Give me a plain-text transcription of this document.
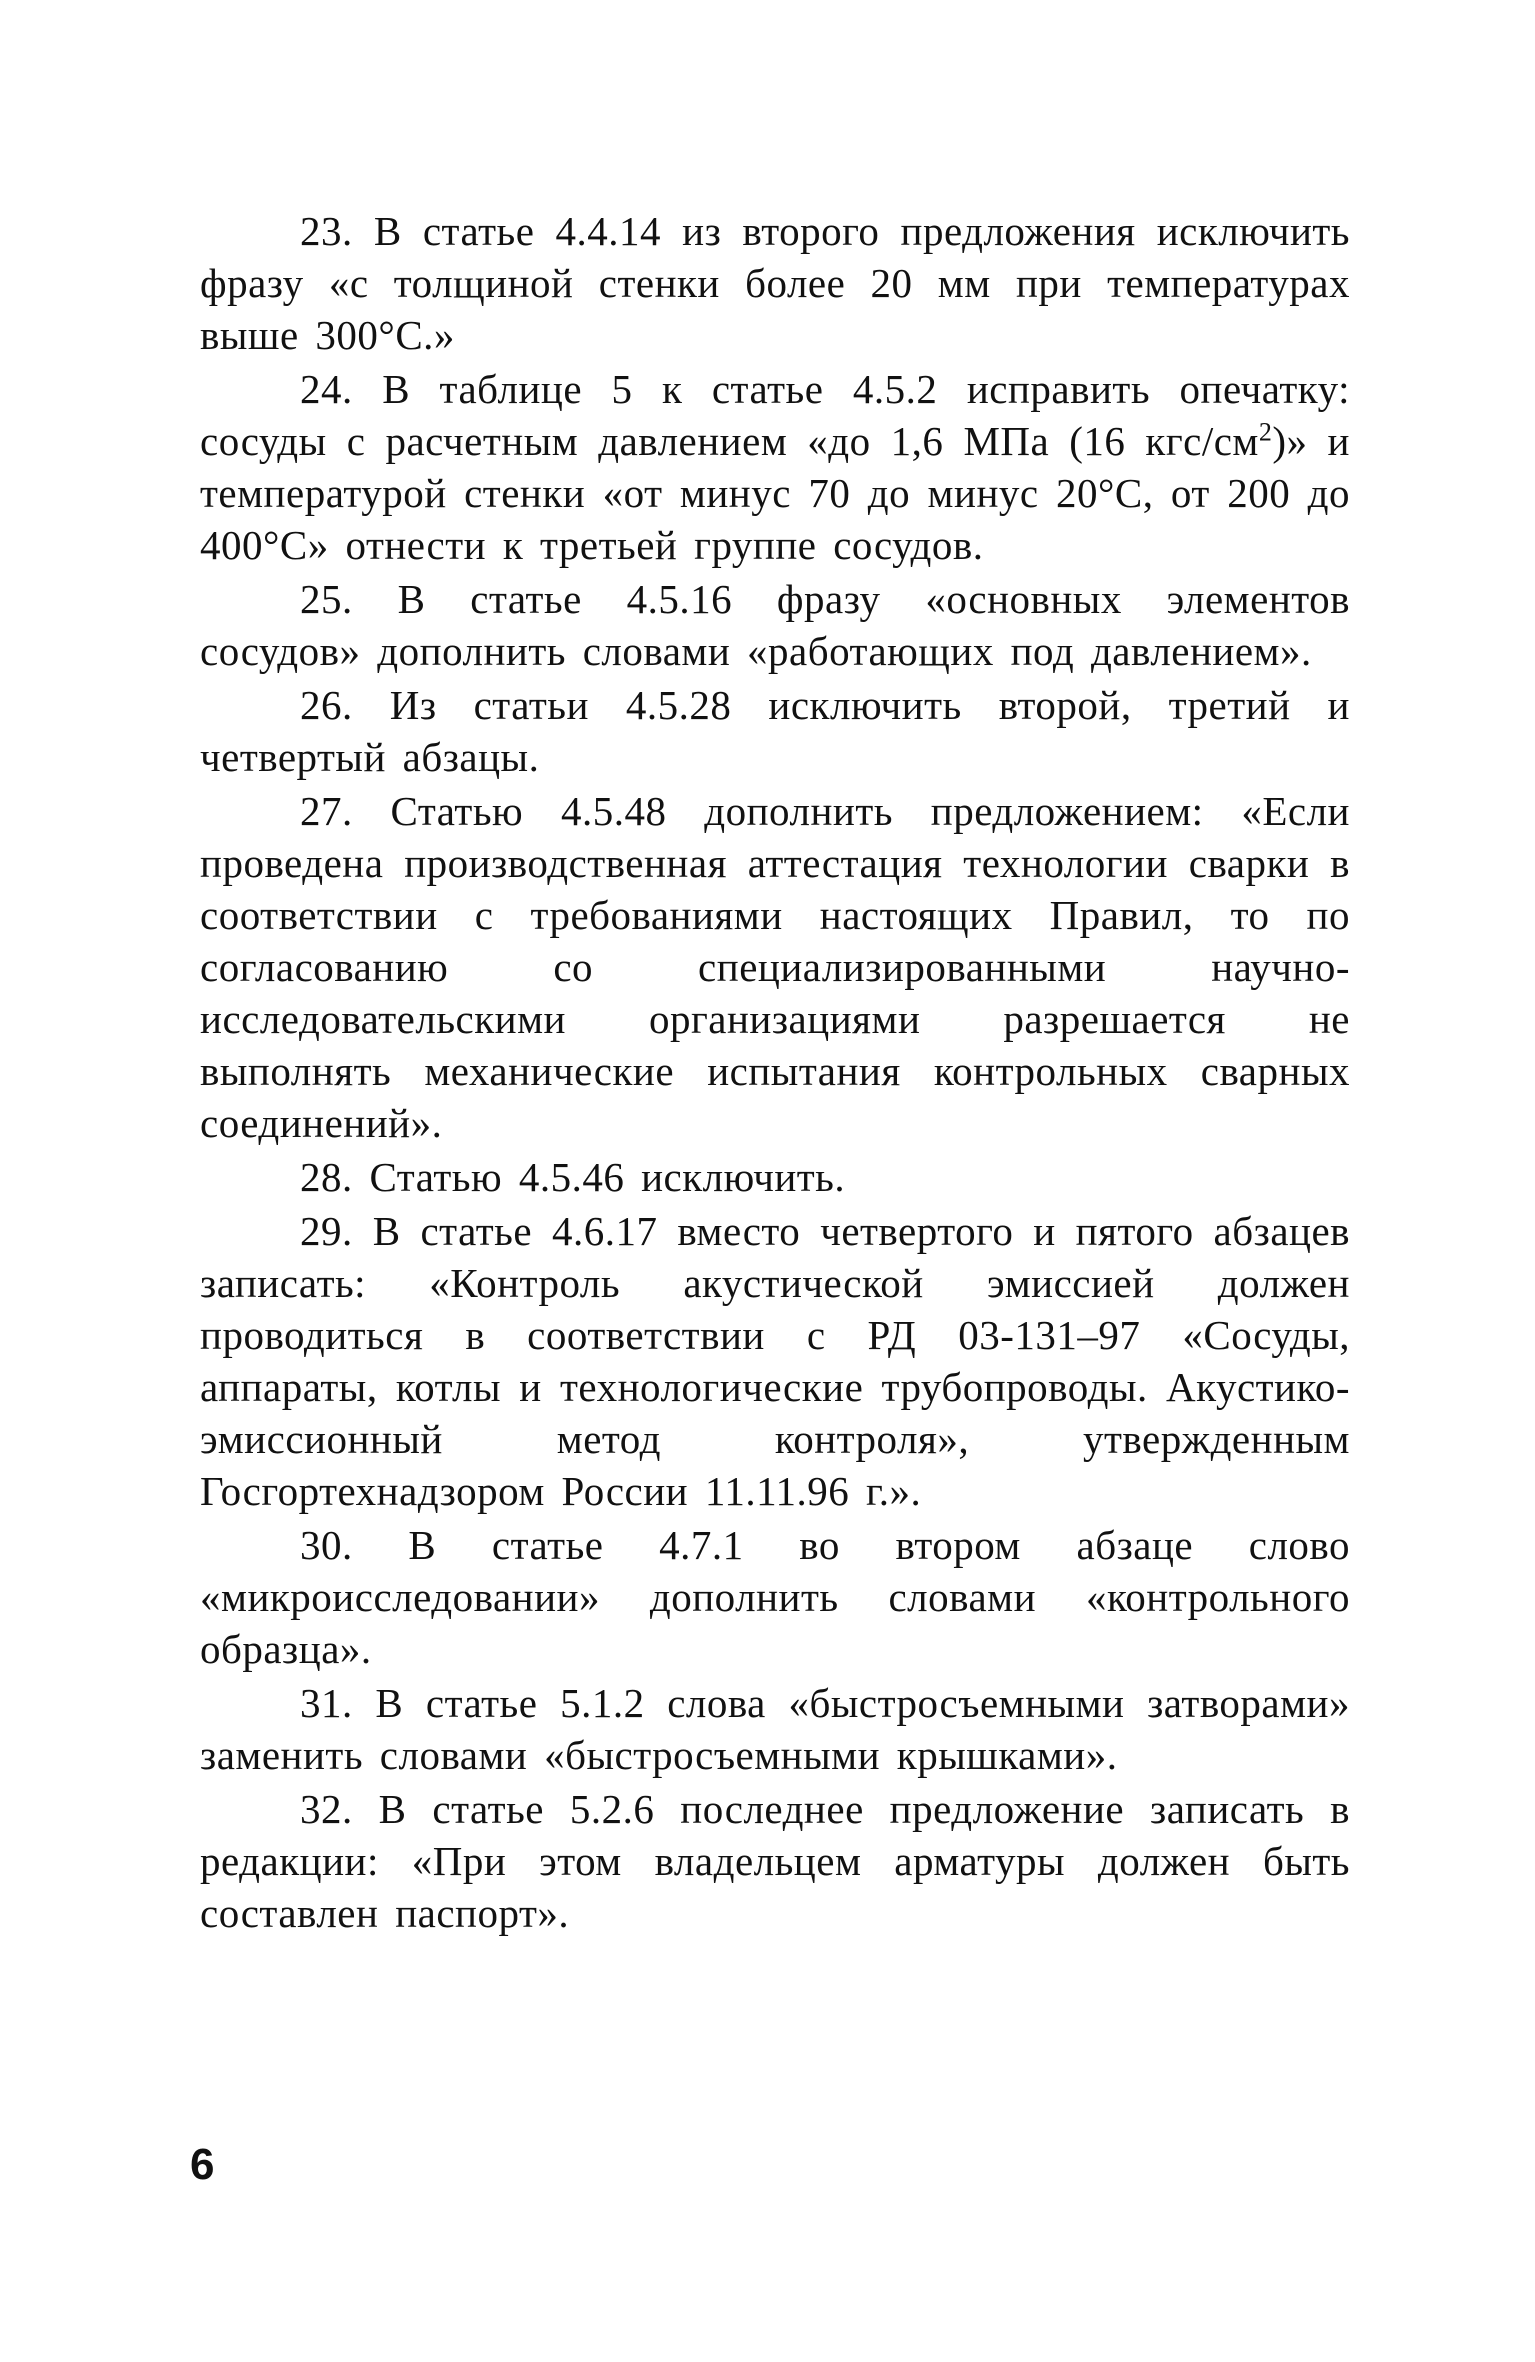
23. В статье 4.4.14 из второго предложения исключить фразу «с толщиной стенки более 20 мм при температурах выше 300°С.»

24. В таблице 5 к статье 4.5.2 исправить опечатку: сосуды с расчетным давлением «до 1,6 МПа (16 кгс/$см^2$)» и температурой стенки «от минус 70 до минус 20°С, от 200 до 400°С» отнести к третьей группе сосудов.

25. В статье 4.5.16 фразу «основных элементов сосудов» дополнить словами «работающих под давлением».

26. Из статьи 4.5.28 исключить второй, третий и четвертый абзацы.

27. Статью 4.5.48 дополнить предложением: «Если проведена производственная аттестация технологии сварки в соответствии с требованиями настоящих Правил, то по согласованию со специализированными научно-исследовательскими организациями разрешается не выполнять механические испытания контрольных сварных соединений».

28. Статью 4.5.46 исключить.

29. В статье 4.6.17 вместо четвертого и пятого абзацев записать: «Контроль акустической эмиссией должен проводиться в соответствии с РД 03-131–97 «Сосуды, аппараты, котлы и технологические трубопроводы. Акустико-эмиссионный метод контроля», утвержденным Госгортехнадзором России 11.11.96 г.».

30. В статье 4.7.1 во втором абзаце слово «микроисследовании» дополнить словами «контрольного образца».

31. В статье 5.1.2 слова «быстросъемными затворами» заменить словами «быстросъемными крышками».

32. В статье 5.2.6 последнее предложение записать в редакции: «При этом владельцем арматуры должен быть составлен паспорт».

6
